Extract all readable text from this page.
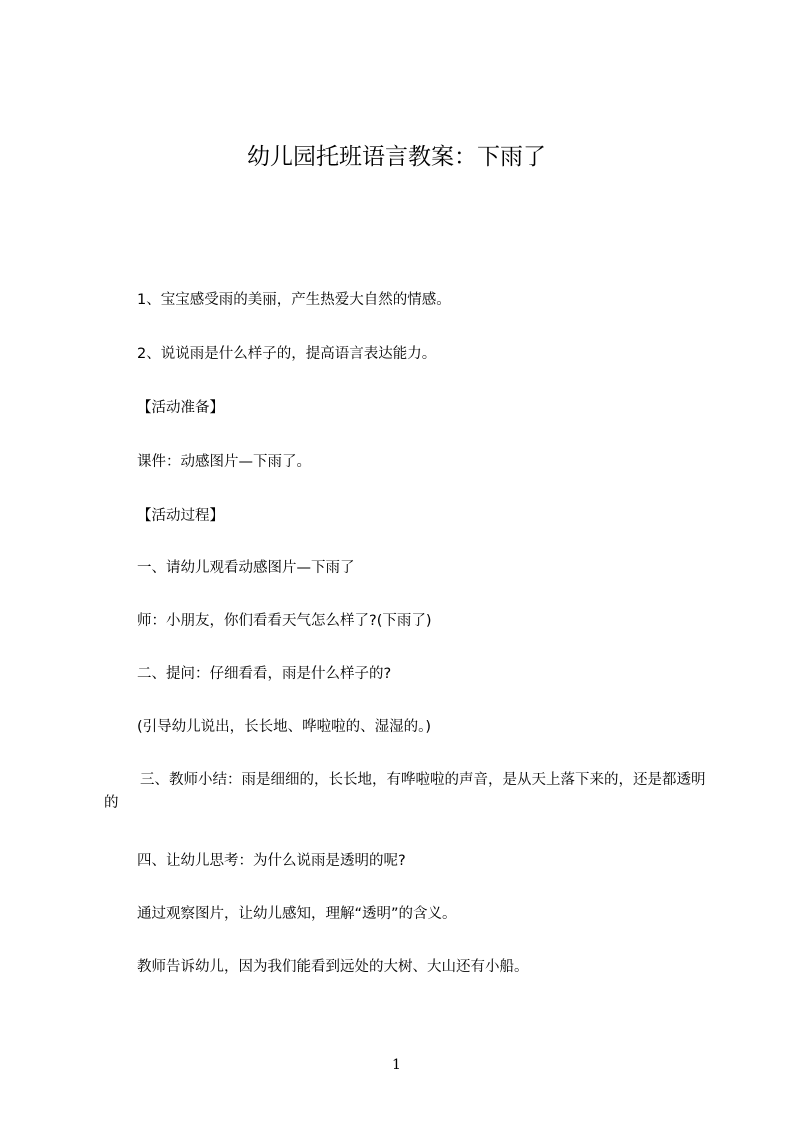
幼儿园托班语言教案：下雨了
1、宝宝感受雨的美丽，产生热爱大自然的情感。
2、说说雨是什么样子的，提高语言表达能力。
【活动准备】
课件：动感图片—下雨了。
【活动过程】
一、请幼儿观看动感图片—下雨了
师：小朋友，你们看看天气怎么样了?(下雨了)
二、提问：仔细看看，雨是什么样子的?
(引导幼儿说出，长长地、哗啦啦的、湿湿的。)
三、教师小结：雨是细细的，长长地，有哗啦啦的声音，是从天上落下来的，还是都透明的
四、让幼儿思考：为什么说雨是透明的呢?
通过观察图片，让幼儿感知，理解“透明”的含义。
教师告诉幼儿，因为我们能看到远处的大树、大山还有小船。
1
